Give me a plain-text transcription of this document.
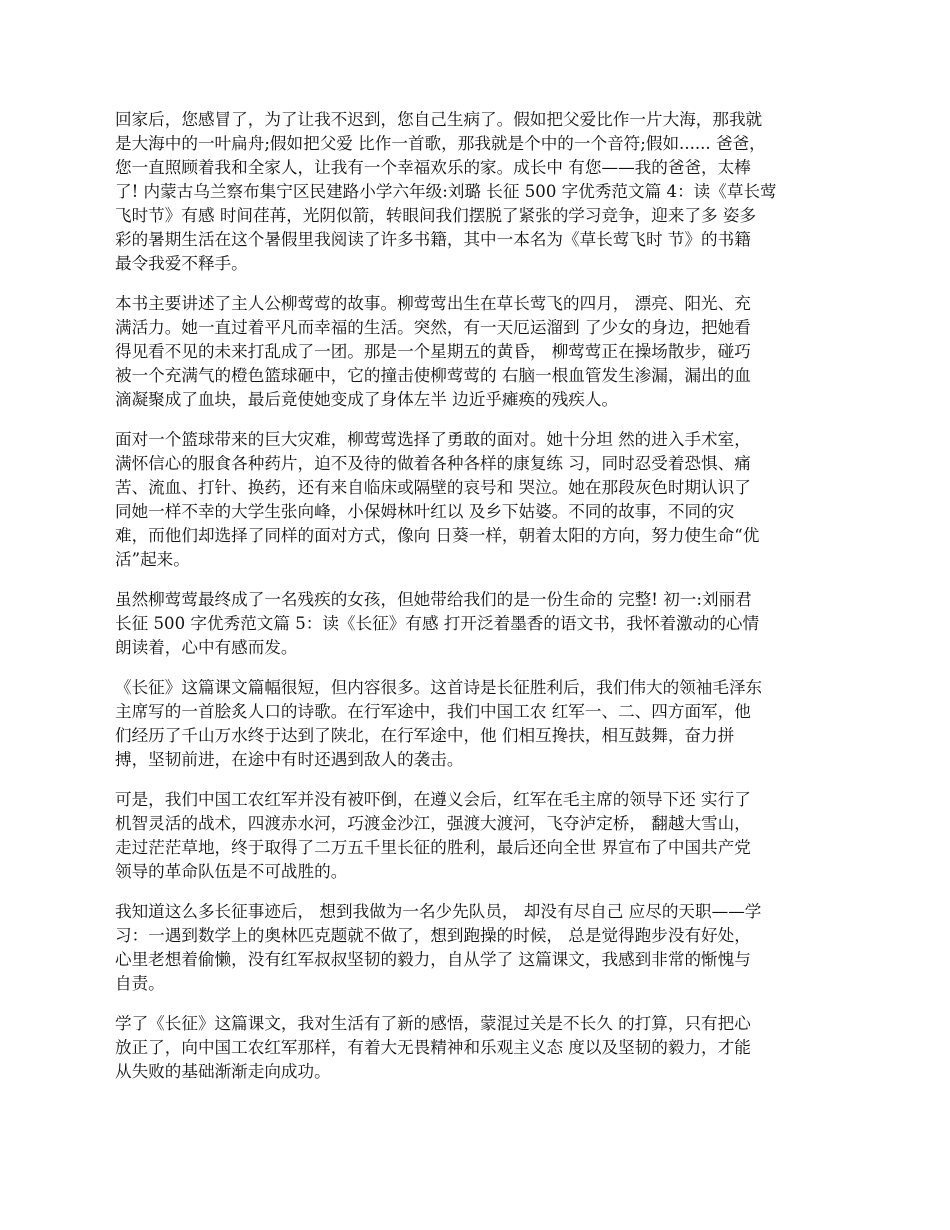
回家后，您感冒了，为了让我不迟到，您自己生病了。假如把父爱比作一片大海，那我就
是大海中的一叶扁舟;假如把父爱 比作一首歌，那我就是个中的一个音符;假如...... 爸爸，
您一直照顾着我和全家人，让我有一个幸福欢乐的家。成长中 有您——我的爸爸，太棒
了! 内蒙古乌兰察布集宁区民建路小学六年级:刘璐 长征 500 字优秀范文篇 4：读《草长莺
飞时节》有感 时间荏苒，光阴似箭，转眼间我们摆脱了紧张的学习竞争，迎来了多 姿多
彩的暑期生活在这个暑假里我阅读了许多书籍，其中一本名为《草长莺飞时 节》的书籍
最令我爱不释手。

本书主要讲述了主人公柳莺莺的故事。柳莺莺出生在草长莺飞的四月， 漂亮、阳光、充
满活力。她一直过着平凡而幸福的生活。突然，有一天厄运溜到 了少女的身边，把她看
得见看不见的未来打乱成了一团。那是一个星期五的黄昏， 柳莺莺正在操场散步，碰巧
被一个充满气的橙色篮球砸中，它的撞击使柳莺莺的 右脑一根血管发生渗漏，漏出的血
滴凝聚成了血块，最后竟使她变成了身体左半 边近乎瘫痪的残疾人。

面对一个篮球带来的巨大灾难，柳莺莺选择了勇敢的面对。她十分坦 然的进入手术室，
满怀信心的服食各种药片，迫不及待的做着各种各样的康复练 习，同时忍受着恐惧、痛
苦、流血、打针、换药，还有来自临床或隔壁的哀号和 哭泣。她在那段灰色时期认识了
同她一样不幸的大学生张向峰，小保姆林叶红以 及乡下姑婆。不同的故事，不同的灾
难，而他们却选择了同样的面对方式，像向 日葵一样，朝着太阳的方向，努力使生命“优
活”起来。

虽然柳莺莺最终成了一名残疾的女孩，但她带给我们的是一份生命的 完整! 初一:刘丽君
长征 500 字优秀范文篇 5：读《长征》有感 打开泛着墨香的语文书，我怀着激动的心情
朗读着，心中有感而发。

《长征》这篇课文篇幅很短，但内容很多。这首诗是长征胜利后，我们伟大的领袖毛泽东
主席写的一首脍炙人口的诗歌。在行军途中，我们中国工农 红军一、二、四方面军，他
们经历了千山万水终于达到了陕北，在行军途中，他 们相互搀扶，相互鼓舞，奋力拼
搏，坚韧前进，在途中有时还遇到敌人的袭击。

可是，我们中国工农红军并没有被吓倒，在遵义会后，红军在毛主席的领导下还 实行了
机智灵活的战术，四渡赤水河，巧渡金沙江，强渡大渡河，飞夺泸定桥， 翻越大雪山，
走过茫茫草地，终于取得了二万五千里长征的胜利，最后还向全世 界宣布了中国共产党
领导的革命队伍是不可战胜的。

我知道这么多长征事迹后， 想到我做为一名少先队员， 却没有尽自己 应尽的天职——学
习：一遇到数学上的奥林匹克题就不做了，想到跑操的时候， 总是觉得跑步没有好处，
心里老想着偷懒，没有红军叔叔坚韧的毅力，自从学了 这篇课文，我感到非常的惭愧与
自责。

学了《长征》这篇课文，我对生活有了新的感悟，蒙混过关是不长久 的打算，只有把心
放正了，向中国工农红军那样，有着大无畏精神和乐观主义态 度以及坚韧的毅力，才能
从失败的基础渐渐走向成功。
